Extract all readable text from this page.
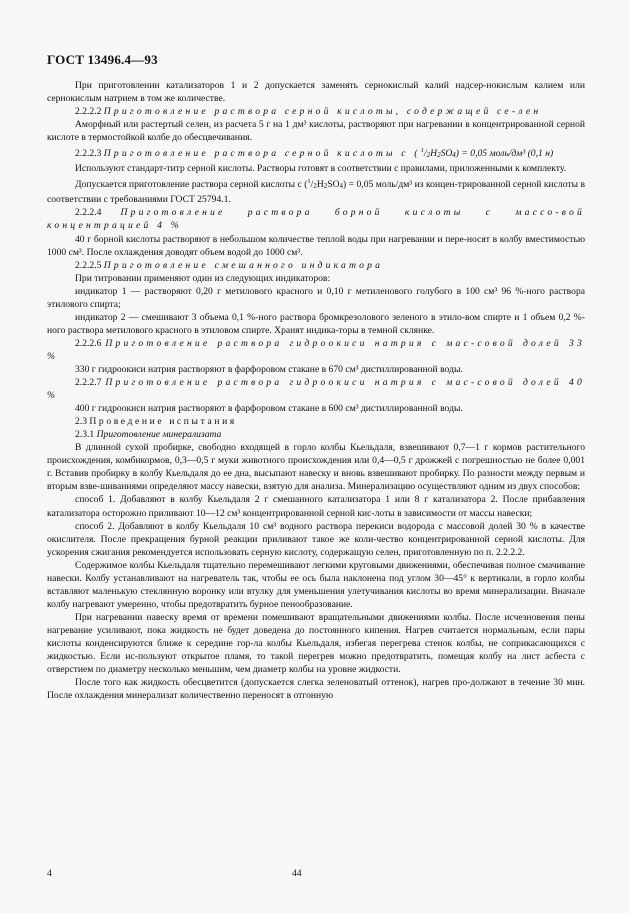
ГОСТ 13496.4—93

При приготовлении катализаторов 1 и 2 допускается заменять сернокислый калий надсер-нокислым калием или сернокислым натрием в том же количестве.

2.2.2.2 Приготовление раствора серной кислоты, содержащей се-лен

Аморфный или растертый селен, из расчета 5 г на 1 дм³ кислоты, растворяют при нагревании в концентрированной серной кислоте в термостойкой колбе до обесцвечивания.

2.2.2.3 Приготовление раствора серной кислоты с ($^1$/2H2SO4) = 0,05 моль/дм³ (0,1 н)

Используют стандарт-титр серной кислоты. Растворы готовят в соответствии с правилами, приложенными к комплекту.

Допускается приготовление раствора серной кислоты с ($^1$/2H2SO4) = 0,05 моль/дм³ из концен-трированной серной кислоты в соответствии с требованиями ГОСТ 25794.1.

2.2.2.4 Приготовление раствора борной кислоты с массо-вой концентрацией 4 %

40 г борной кислоты растворяют в небольшом количестве теплой воды при нагревании и пере-носят в колбу вместимостью 1000 см³. После охлаждения доводят объем водой до 1000 см³.

2.2.2.5 Приготовление смешанного индикатора

При титровании применяют один из следующих индикаторов:

индикатор 1 — растворяют 0,20 г метилового красного и 0,10 г метиленового голубого в 100 см³ 96 %-ного раствора этилового спирта;

индикатор 2 — смешивают 3 объема 0,1 %-ного раствора бромкрезолового зеленого в этило-вом спирте и 1 объем 0,2 %-ного раствора метилового красного в этиловом спирте. Хранят индика-торы в темной склянке.

2.2.2.6 Приготовление раствора гидроокиси натрия с мас-совой долей 33 %

330 г гидроокиси натрия растворяют в фарфоровом стакане в 670 см³ дистиллированной воды.

2.2.2.7 Приготовление раствора гидроокиси натрия с мас-совой долей 40 %

400 г гидроокиси натрия растворяют в фарфоровом стакане в 600 см³ дистиллированной воды.

2.3 Проведение испытания

2.3.1 Приготовление минерализата

В длинной сухой пробирке, свободно входящей в горло колбы Кьельдаля, взвешивают 0,7—1 г кормов растительного происхождения, комбикормов, 0,3—0,5 г муки животного происхождения или 0,4—0,5 г дрожжей с погрешностью не более 0,001 г. Вставив пробирку в колбу Кьельдаля до ее дна, высыпают навеску и вновь взвешивают пробирку. По разности между первым и вторым взве-шиваниями определяют массу навески, взятую для анализа. Минерализацию осуществляют одним из двух способов:

способ 1. Добавляют в колбу Кьельдаля 2 г смешанного катализатора 1 или 8 г катализатора 2. После прибавления катализатора осторожно приливают 10—12 см³ концентрированной серной кис-лоты в зависимости от массы навески;

способ 2. Добавляют в колбу Кьельдаля 10 см³ водного раствора перекиси водорода с массовой долей 30 % в качестве окислителя. После прекращения бурной реакции приливают такое же коли-чество концентрированной серной кислоты. Для ускорения сжигания рекомендуется использовать серную кислоту, содержащую селен, приготовленную по п. 2.2.2.2.

Содержимое колбы Кьельдаля тщательно перемешивают легкими круговыми движениями, обеспечивая полное смачивание навески. Колбу устанавливают на нагреватель так, чтобы ее ось была наклонена под углом 30—45° к вертикали, в горло колбы вставляют маленькую стеклянную воронку или втулку для уменьшения улетучивания кислоты во время минерализации. Вначале колбу нагревают умеренно, чтобы предотвратить бурное пенообразование.

При нагревании навеску время от времени помешивают вращательными движениями колбы. После исчезновения пены нагревание усиливают, пока жидкость не будет доведена до постоянного кипения. Нагрев считается нормальным, если пары кислоты конденсируются ближе к середине гор-ла колбы Кьельдаля, избегая перегрева стенок колбы, не соприкасающихся с жидкостью. Если ис-пользуют открытое пламя, то такой перегрев можно предотвратить, помещая колбу на лист асбеста с отверстием по диаметру несколько меньшим, чем диаметр колбы на уровне жидкости.

После того как жидкость обесцветится (допускается слегка зеленоватый оттенок), нагрев про-должают в течение 30 мин. После охлаждения минерализат количественно переносят в отгонную

4	44
